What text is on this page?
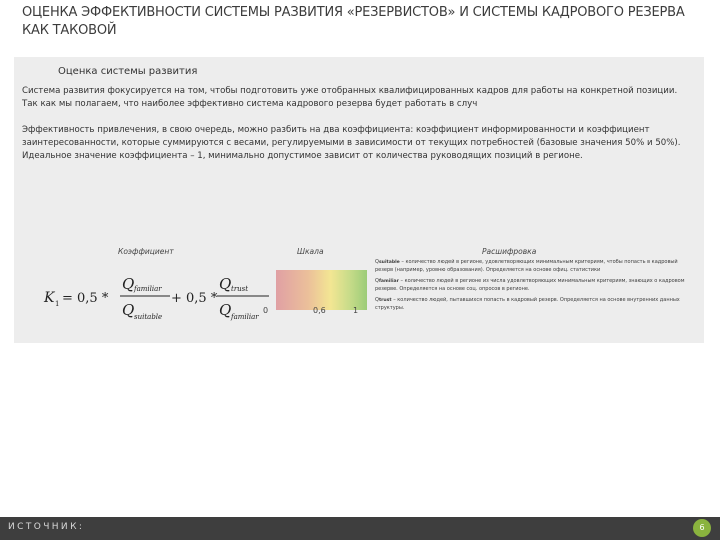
ОЦЕНКА ЭФФЕКТИВНОСТИ СИСТЕМЫ РАЗВИТИЯ «РЕЗЕРВИСТОВ» И СИСТЕМЫ КАДРОВОГО РЕЗЕРВА КАК ТАКОВОЙ
Оценка системы развития
Система развития фокусируется на том, чтобы подготовить уже отобранных квалифицированных кадров для работы на конкретной позиции. Так как мы полагаем, что наиболее эффективно система кадрового резерва будет работать в случ
Эффективность привлечения, в свою очередь, можно разбить на два коэффициента: коэффициент информированности и коэффициент заинтересованности, которые суммируются с весами, регулируемыми в зависимости от текущих потребностей (базовые значения 50% и 50%). Идеальное значение коэффициента – 1, минимально допустимое зависит от количества руководящих позиций в регионе.
Коэффициент	Шкала	Расшифровка
K 1 = 0,5 *
Q familiar
Q suitable
+ 0,5 *
Q trust
Q familiar
0	0,6	1

Qsuitable – количество людей в регионе, удовлетворяющих минимальным критериям, чтобы попасть в кадровый резерв (например, уровню образования). Определяется на основе офиц. статистики

Qfamiliar – количество людей в регионе из числа удовлетворяющих минимальным критериям, знающих о кадровом резерве. Определяется на основе соц. опросов в регионе.

Qtrust – количество людей, пытавшихся попасть в кадровый резерв. Определяется на основе внутренних данных структуры.

ИСТОЧНИК:	6
